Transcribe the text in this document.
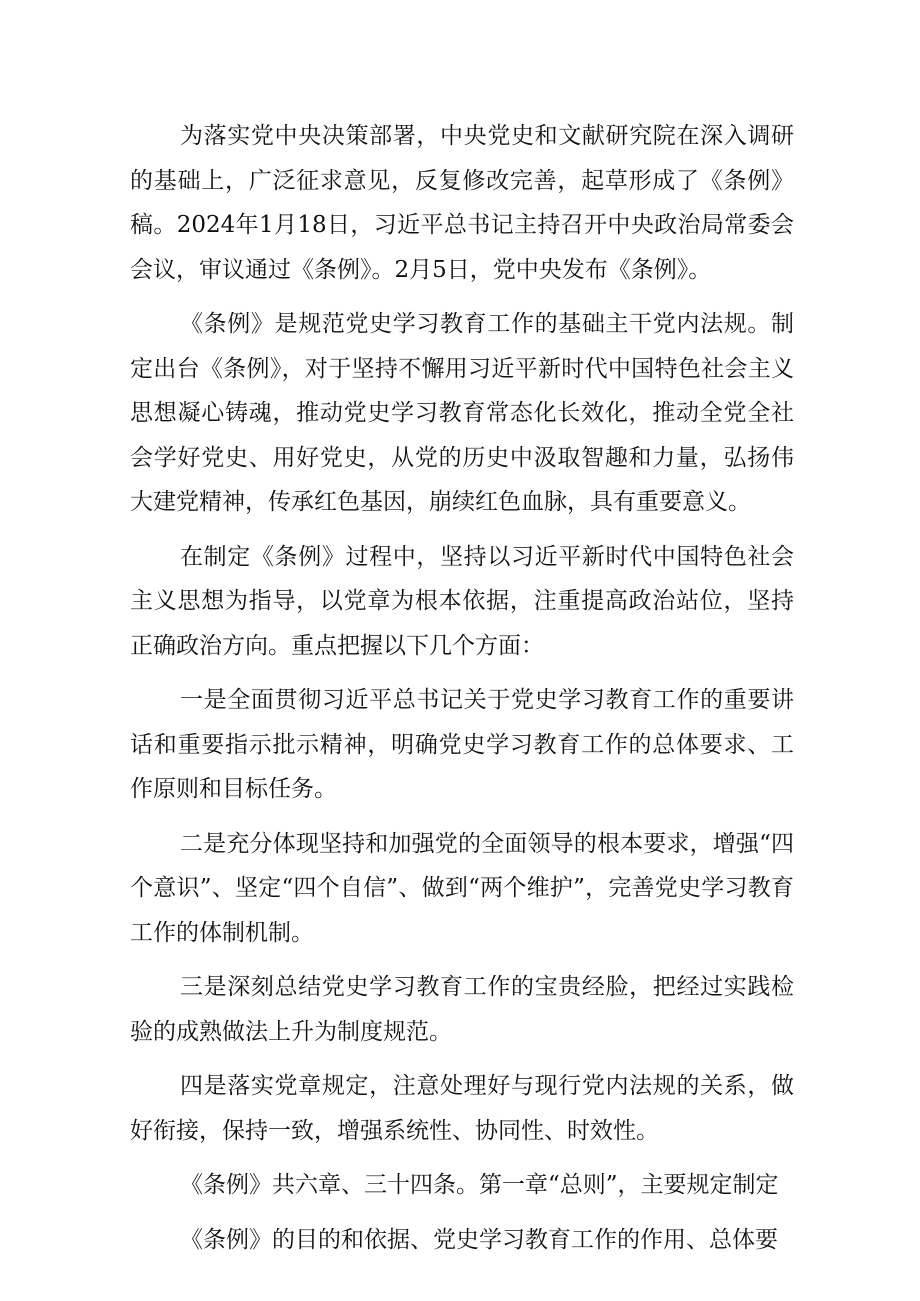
为落实党中央决策部署，中央党史和文献研究院在深入调研的基础上，广泛征求意见，反复修改完善，起草形成了《条例》稿。2024年1月18日，习近平总书记主持召开中央政治局常委会会议，审议通过《条例》。2月5日，党中央发布《条例》。

《条例》是规范党史学习教育工作的基础主干党内法规。制定出台《条例》，对于坚持不懈用习近平新时代中国特色社会主义思想凝心铸魂，推动党史学习教育常态化长效化，推动全党全社会学好党史、用好党史，从党的历史中汲取智趣和力量，弘扬伟大建党精神，传承红色基因，崩续红色血脉，具有重要意义。

在制定《条例》过程中，坚持以习近平新时代中国特色社会主义思想为指导，以党章为根本依据，注重提高政治站位，坚持正确政治方向。重点把握以下几个方面：

一是全面贯彻习近平总书记关于党史学习教育工作的重要讲话和重要指示批示精神，明确党史学习教育工作的总体要求、工作原则和目标任务。

二是充分体现坚持和加强党的全面领导的根本要求，增强“四个意识”、坚定“四个自信”、做到“两个维护”，完善党史学习教育工作的体制机制。

三是深刻总结党史学习教育工作的宝贵经脸，把经过实践检验的成熟做法上升为制度规范。

四是落实党章规定，注意处理好与现行党内法规的关系，做好衔接，保持一致，增强系统性、协同性、时效性。

《条例》共六章、三十四条。第一章“总则”，主要规定制定

《条例》的目的和依据、党史学习教育工作的作用、总体要
